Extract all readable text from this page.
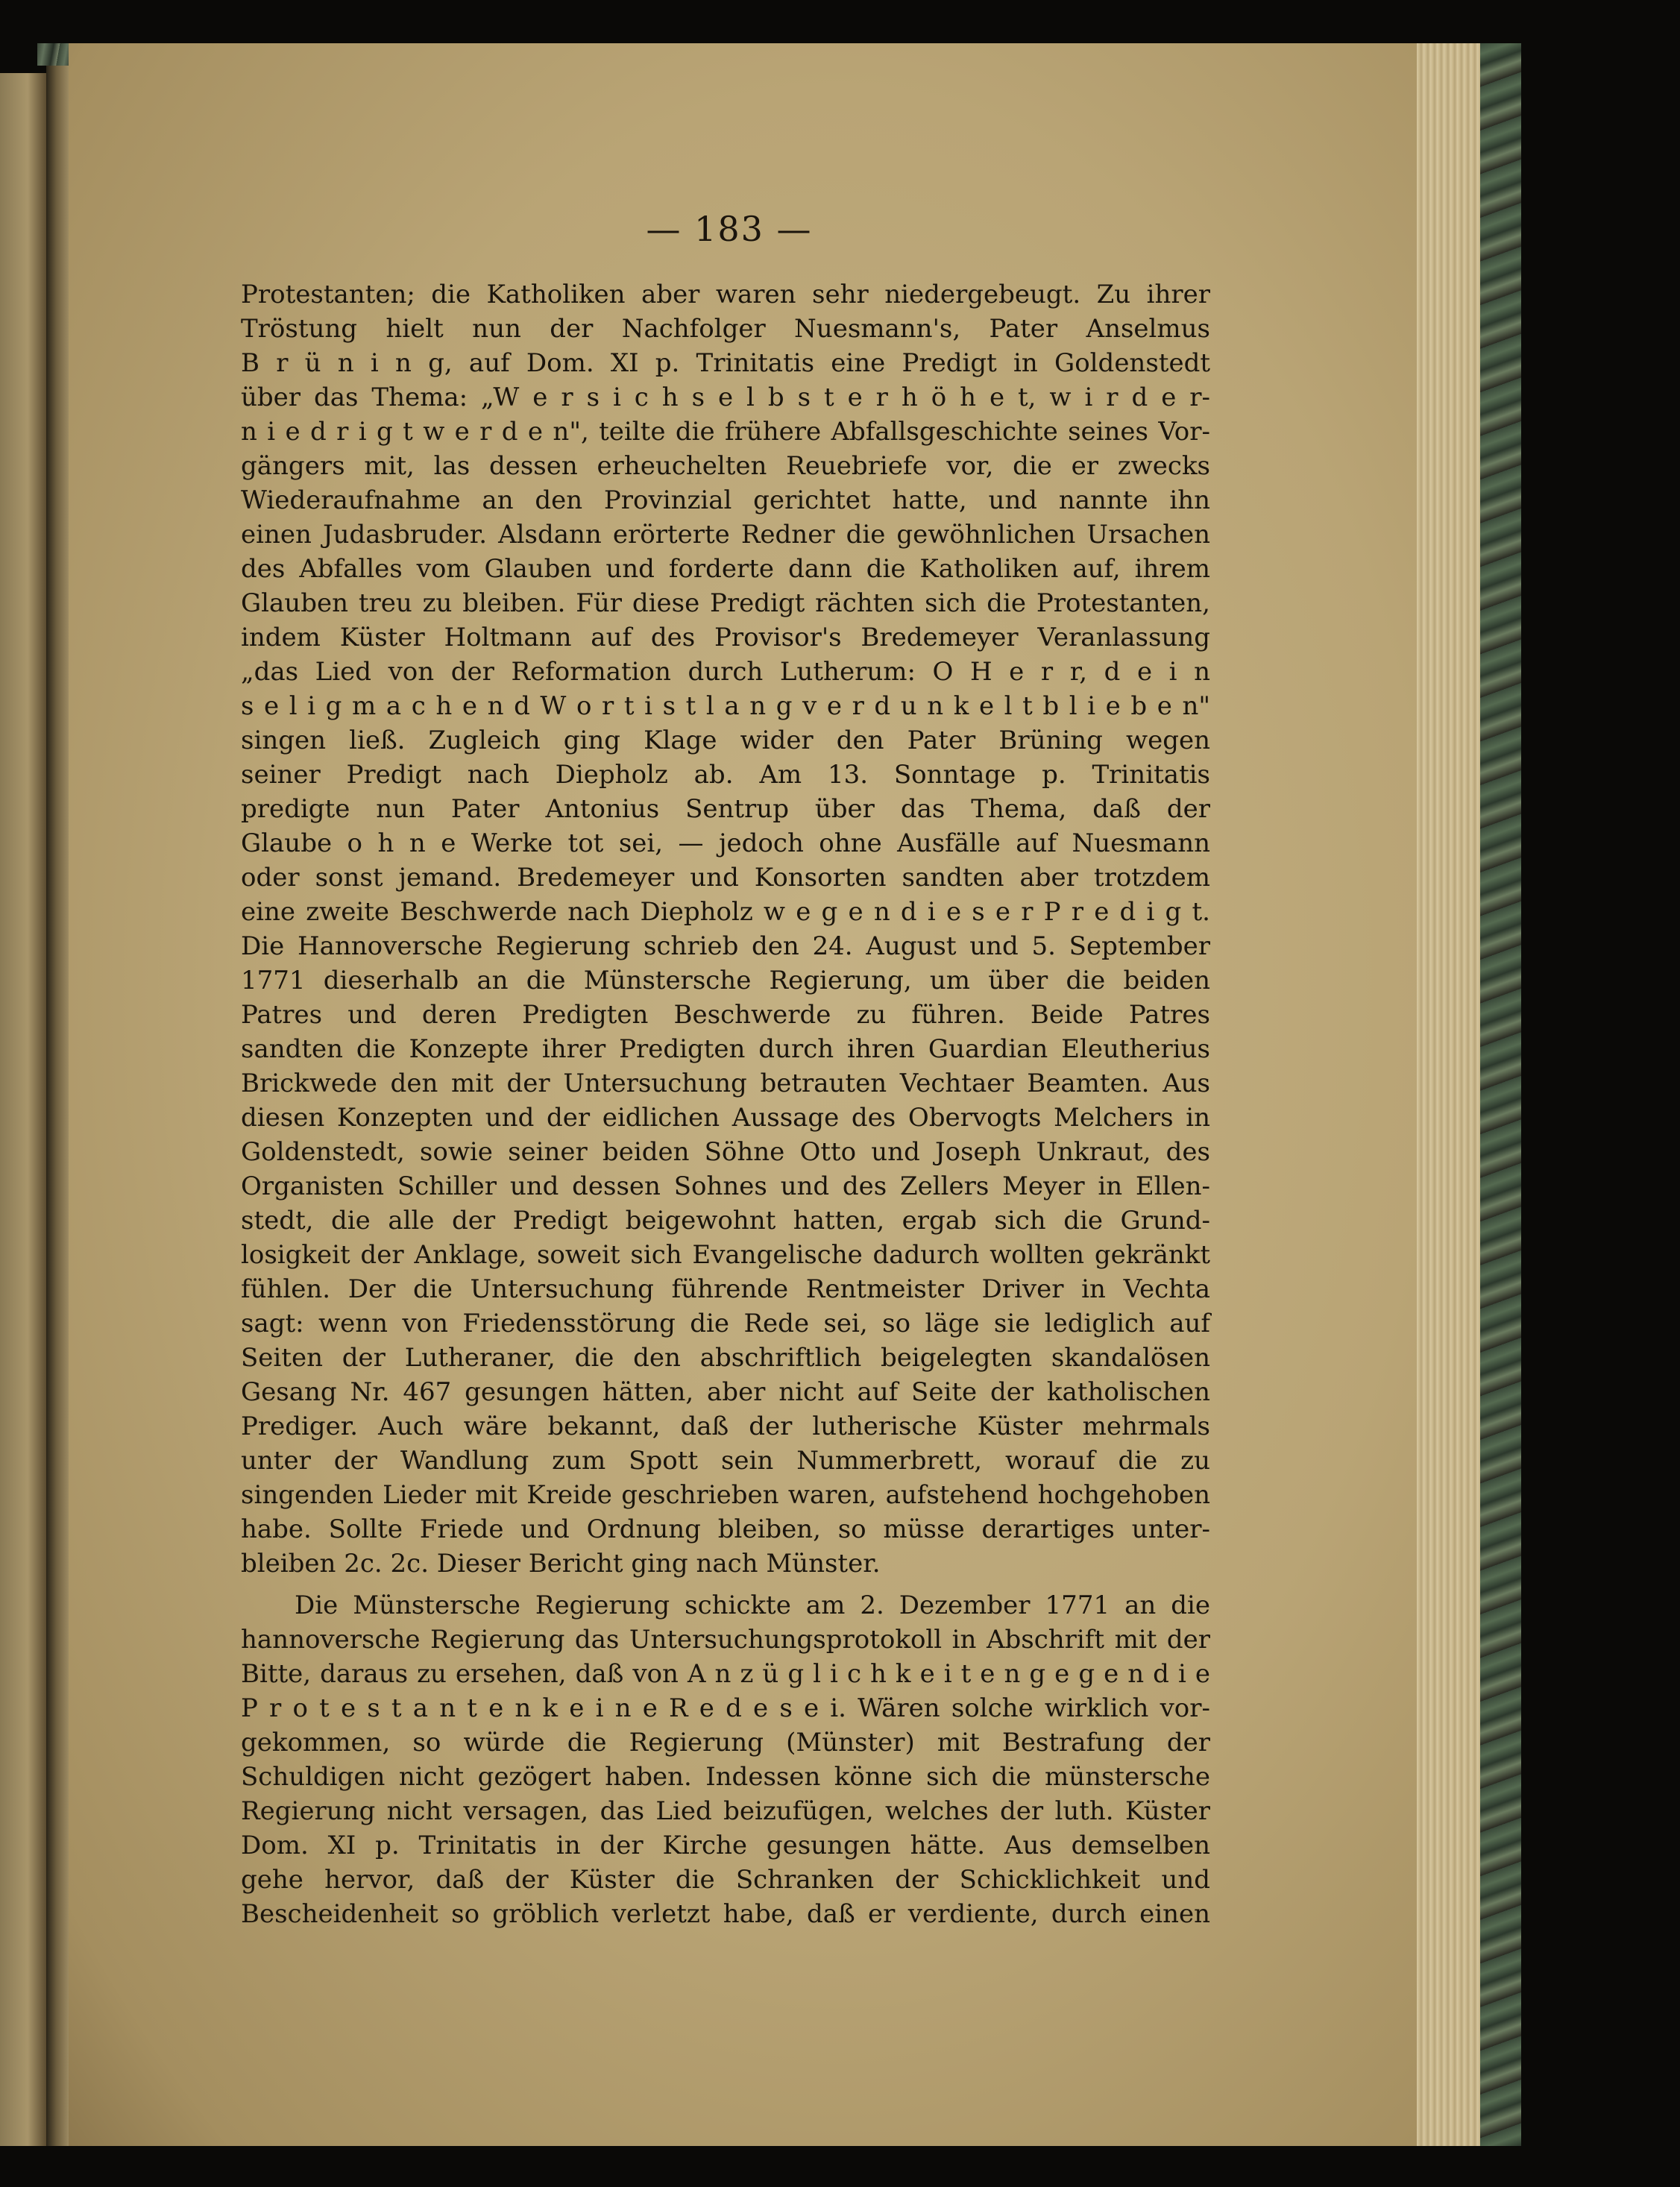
— 183 —
Protestanten; die Katholiken aber waren sehr niedergebeugt. Zu ihrer
Tröstung hielt nun der Nachfolger Nuesmann's, Pater Anselmus
B r ü n i n g, auf Dom. XI p. Trinitatis eine Predigt in Goldenstedt
über das Thema: „W e r s i c h s e l b s t e r h ö h e t, w i r d e r-
n i e d r i g t w e r d e n", teilte die frühere Abfallsgeschichte seines Vor-
gängers mit, las dessen erheuchelten Reuebriefe vor, die er zwecks
Wiederaufnahme an den Provinzial gerichtet hatte, und nannte ihn
einen Judasbruder. Alsdann erörterte Redner die gewöhnlichen Ursachen
des Abfalles vom Glauben und forderte dann die Katholiken auf, ihrem
Glauben treu zu bleiben. Für diese Predigt rächten sich die Protestanten,
indem Küster Holtmann auf des Provisor's Bredemeyer Veranlassung
„das Lied von der Reformation durch Lutherum: O H e r r, d e i n
s e l i g m a c h e n d W o r t i s t l a n g v e r d u n k e l t b l i e b e n"
singen ließ. Zugleich ging Klage wider den Pater Brüning wegen
seiner Predigt nach Diepholz ab. Am 13. Sonntage p. Trinitatis
predigte nun Pater Antonius Sentrup über das Thema, daß der
Glaube o h n e Werke tot sei, — jedoch ohne Ausfälle auf Nuesmann
oder sonst jemand. Bredemeyer und Konsorten sandten aber trotzdem
eine zweite Beschwerde nach Diepholz w e g e n d i e s e r P r e d i g t.
Die Hannoversche Regierung schrieb den 24. August und 5. September
1771 dieserhalb an die Münstersche Regierung, um über die beiden
Patres und deren Predigten Beschwerde zu führen. Beide Patres
sandten die Konzepte ihrer Predigten durch ihren Guardian Eleutherius
Brickwede den mit der Untersuchung betrauten Vechtaer Beamten. Aus
diesen Konzepten und der eidlichen Aussage des Obervogts Melchers in
Goldenstedt, sowie seiner beiden Söhne Otto und Joseph Unkraut, des
Organisten Schiller und dessen Sohnes und des Zellers Meyer in Ellen-
stedt, die alle der Predigt beigewohnt hatten, ergab sich die Grund-
losigkeit der Anklage, soweit sich Evangelische dadurch wollten gekränkt
fühlen. Der die Untersuchung führende Rentmeister Driver in Vechta
sagt: wenn von Friedensstörung die Rede sei, so läge sie lediglich auf
Seiten der Lutheraner, die den abschriftlich beigelegten skandalösen
Gesang Nr. 467 gesungen hätten, aber nicht auf Seite der katholischen
Prediger. Auch wäre bekannt, daß der lutherische Küster mehrmals
unter der Wandlung zum Spott sein Nummerbrett, worauf die zu
singenden Lieder mit Kreide geschrieben waren, aufstehend hochgehoben
habe. Sollte Friede und Ordnung bleiben, so müsse derartiges unter-
bleiben 2c. 2c. Dieser Bericht ging nach Münster.
Die Münstersche Regierung schickte am 2. Dezember 1771 an die
hannoversche Regierung das Untersuchungsprotokoll in Abschrift mit der
Bitte, daraus zu ersehen, daß von A n z ü g l i c h k e i t e n g e g e n d i e
P r o t e s t a n t e n k e i n e R e d e s e i. Wären solche wirklich vor-
gekommen, so würde die Regierung (Münster) mit Bestrafung der
Schuldigen nicht gezögert haben. Indessen könne sich die münstersche
Regierung nicht versagen, das Lied beizufügen, welches der luth. Küster
Dom. XI p. Trinitatis in der Kirche gesungen hätte. Aus demselben
gehe hervor, daß der Küster die Schranken der Schicklichkeit und
Bescheidenheit so gröblich verletzt habe, daß er verdiente, durch einen
